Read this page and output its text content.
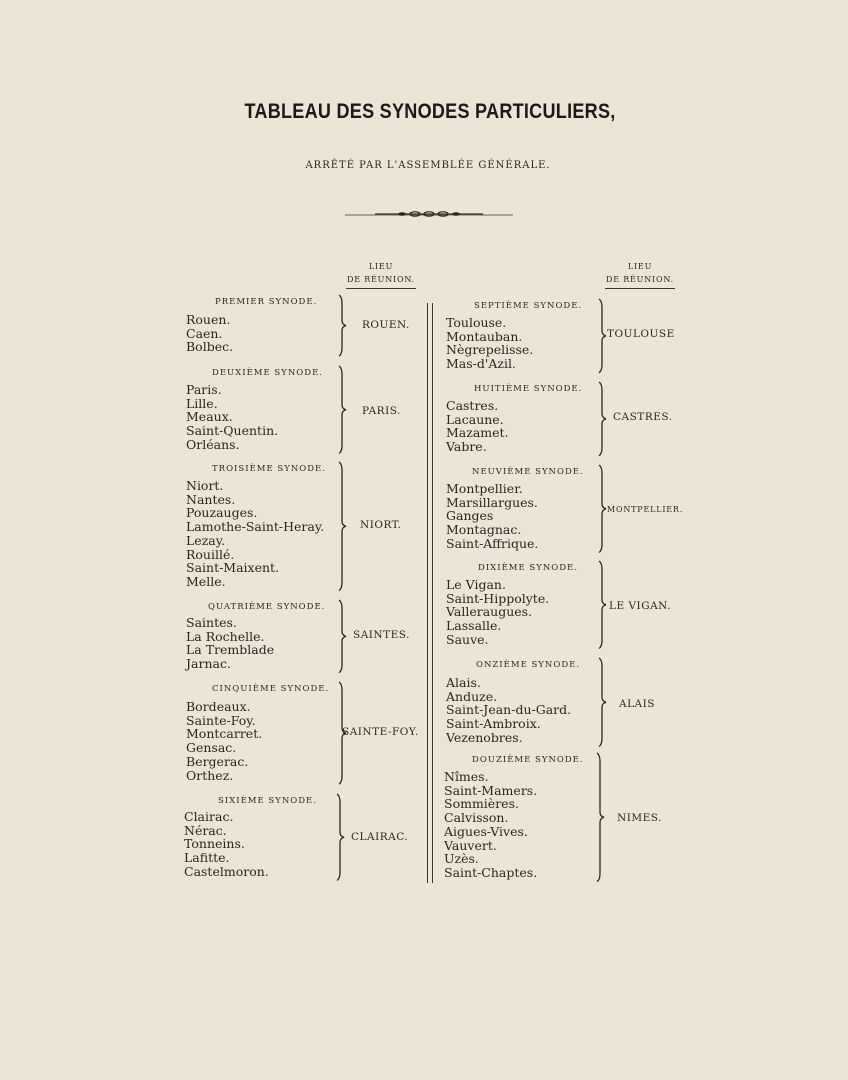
TABLEAU DES SYNODES PARTICULIERS,
ARRÊTÉ PAR L'ASSEMBLÉE GÉNÉRALE.
LIEU
DE RÉUNION.
LIEU
DE RÉUNION.
PREMIER SYNODE.
Rouen.
Caen.
Bolbec.
ROUEN.
DEUXIÈME SYNODE.
Paris.
Lille.
Meaux.
Saint-Quentin.
Orléans.
PARIS.
TROISIÈME SYNODE.
Niort.
Nantes.
Pouzauges.
Lamothe-Saint-Heray.
Lezay.
Rouillé.
Saint-Maixent.
Melle.
NIORT.
QUATRIÈME SYNODE.
Saintes.
La Rochelle.
La Tremblade
Jarnac.
SAINTES.
CINQUIÈME SYNODE.
Bordeaux.
Sainte-Foy.
Montcarret.
Gensac.
Bergerac.
Orthez.
SAINTE-FOY.
SIXIÈME SYNODE.
Clairac.
Nérac.
Tonneins.
Lafitte.
Castelmoron.
CLAIRAC.
SEPTIÈME SYNODE.
Toulouse.
Montauban.
Nègrepelisse.
Mas-d'Azil.
TOULOUSE
HUITIÈME SYNODE.
Castres.
Lacaune.
Mazamet.
Vabre.
CASTRES.
NEUVIÈME SYNODE.
Montpellier.
Marsillargues.
Ganges
Montagnac.
Saint-Affrique.
MONTPELLIER.
DIXIÈME SYNODE.
Le Vigan.
Saint-Hippolyte.
Valleraugues.
Lassalle.
Sauve.
LE VIGAN.
ONZIÈME SYNODE.
Alais.
Anduze.
Saint-Jean-du-Gard.
Saint-Ambroix.
Vezenobres.
ALAIS
DOUZIÈME SYNODE.
Nîmes.
Saint-Mamers.
Sommières.
Calvisson.
Aigues-Vives.
Vauvert.
Uzès.
Saint-Chaptes.
NIMES.
